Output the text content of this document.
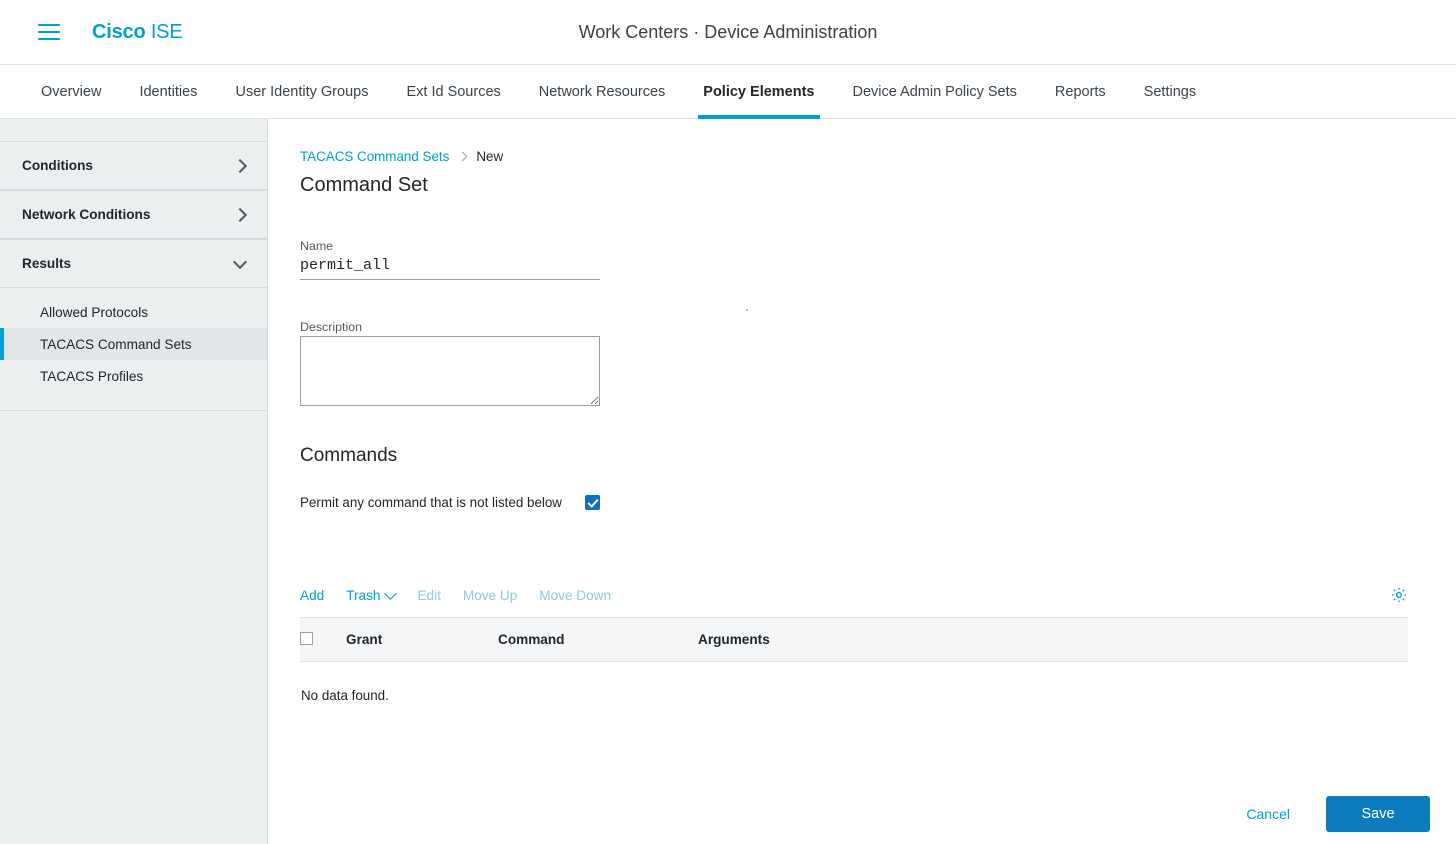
Cisco ISE	Work Centers · Device Administration
Overview	Identities	User Identity Groups	Ext Id Sources	Network Resources	Policy Elements	Device Admin Policy Sets	Reports	Settings
Conditions
Network Conditions
Results
Allowed Protocols
TACACS Command Sets
TACACS Profiles
TACACS Command Sets New
Command Set
Name
permit_all
Description
Commands
Permit any command that is not listed below
Add	Trash	Edit	Move Up	Move Down
	Grant	Command	Arguments
No data found.
Cancel	Save
